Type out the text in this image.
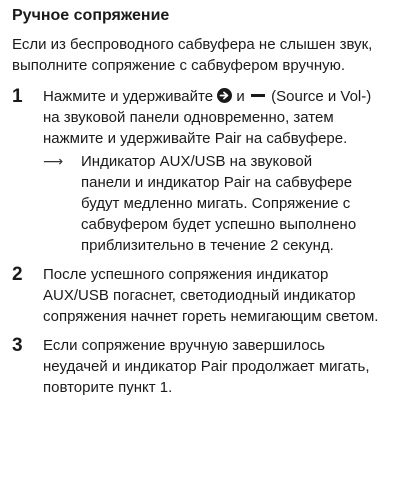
Ручное сопряжение
Если из беспроводного сабвуфера не слышен звук, выполните сопряжение с сабвуфером вручную.
1	Нажмите и удерживайте и (Source и Vol-) на звуковой панели одновременно, затем нажмите и удерживайте Pair на сабвуфере.
⟶	Индикатор AUX/USB на звуковой панели и индикатор Pair на сабвуфере будут медленно мигать. Сопряжение с сабвуфером будет успешно выполнено приблизительно в течение 2 секунд.
2	После успешного сопряжения индикатор AUX/USB погаснет, светодиодный индикатор сопряжения начнет гореть немигающим светом.
3	Если сопряжение вручную завершилось неудачей и индикатор Pair продолжает мигать, повторите пункт 1.
